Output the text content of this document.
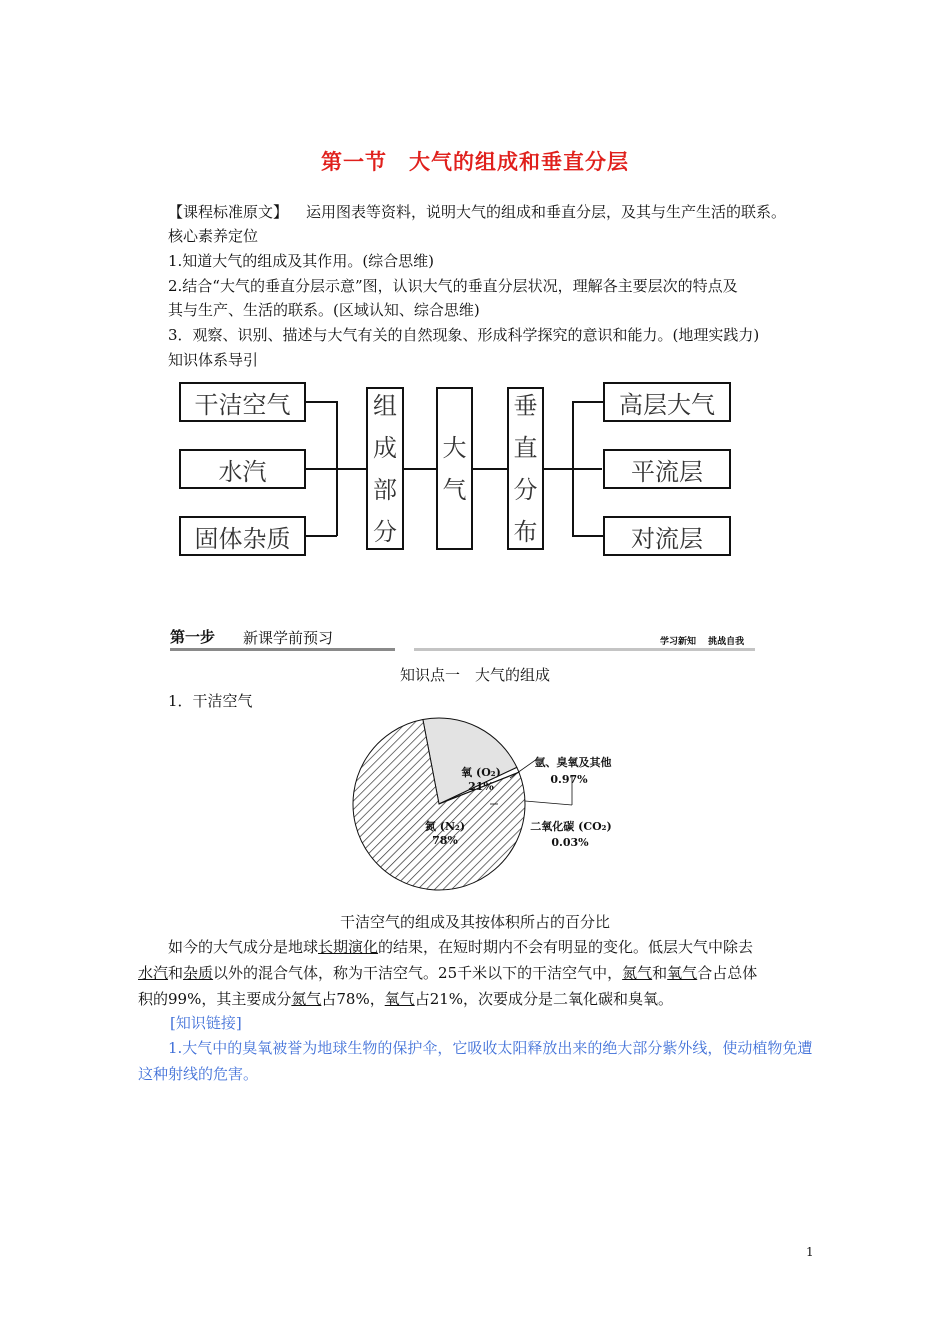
第一节　大气的组成和垂直分层
【课程标准原文】 运用图表等资料，说明大气的组成和垂直分层，及其与生产生活的联系。
核心素养定位
1.知道大气的组成及其作用。(综合思维)
2.结合“大气的垂直分层示意”图，认识大气的垂直分层状况，理解各主要层次的特点及
其与生产、生活的联系。(区域认知、综合思维)
3．观察、识别、描述与大气有关的自然现象、形成科学探究的意识和能力。(地理实践力)
知识体系导引
干洁空气
水汽
固体杂质
组
成
部
分
大
气
垂
直
分
布
高层大气
平流层
对流层
第一步 新课学前预习	学习新知　 挑战自我
知识点一　大气的组成
1．干洁空气
氧 (O₂)
21%
氮 (N₂)
78%
氩、臭氧及其他
0.97%
二氧化碳 (CO₂)
0.03%
干洁空气的组成及其按体积所占的百分比
如今的大气成分是地球长期演化的结果，在短时期内不会有明显的变化。低层大气中除去
水汽和杂质以外的混合气体，称为干洁空气。25千米以下的干洁空气中，氮气和氧气合占总体
积的99%，其主要成分氮气占78%，氧气占21%，次要成分是二氧化碳和臭氧。
[知识链接]
1.大气中的臭氧被誉为地球生物的保护伞，它吸收太阳释放出来的绝大部分紫外线，使动植物免遭这种射线的危害。
1
